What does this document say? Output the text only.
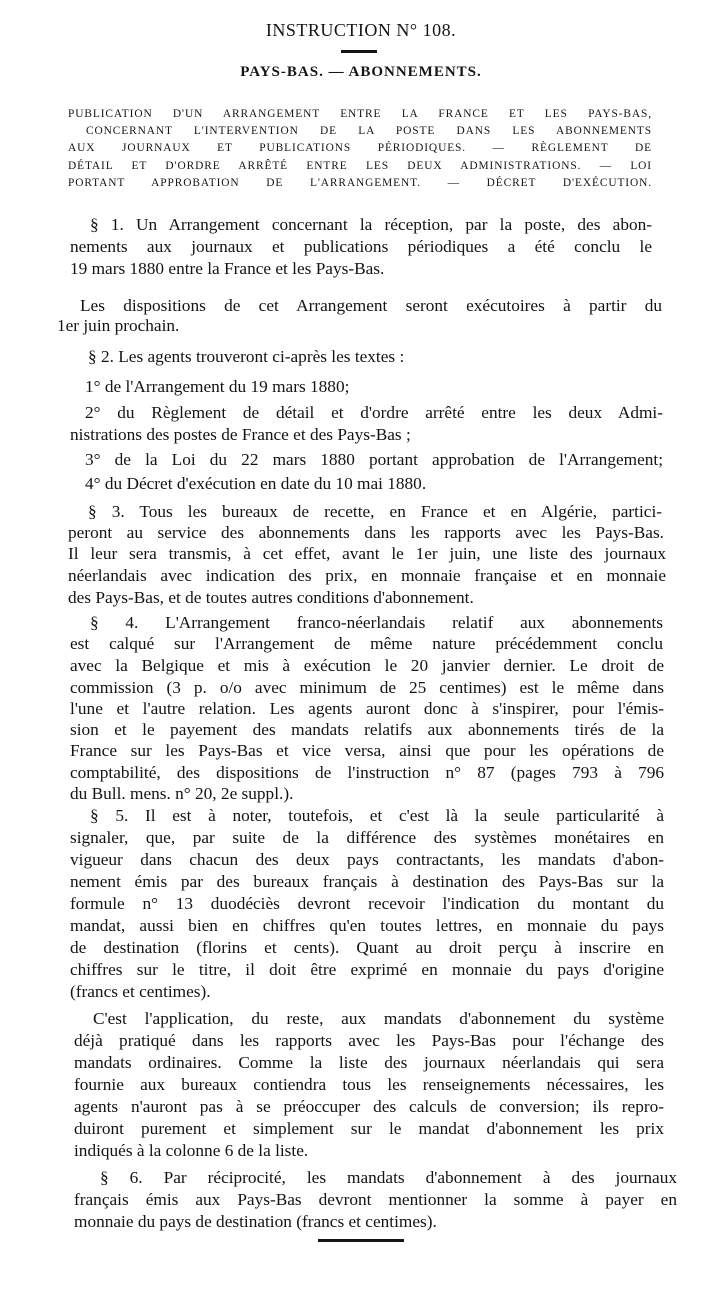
INSTRUCTION N° 108.
PAYS-BAS. — ABONNEMENTS.
PUBLICATION D'UN ARRANGEMENT ENTRE LA FRANCE ET LES PAYS-BAS,
CONCERNANT L'INTERVENTION DE LA POSTE DANS LES ABONNEMENTS
AUX JOURNAUX ET PUBLICATIONS PÉRIODIQUES. — RÈGLEMENT DE
DÉTAIL ET D'ORDRE ARRÊTÉ ENTRE LES DEUX ADMINISTRATIONS. — LOI
PORTANT APPROBATION DE L'ARRANGEMENT. — DÉCRET D'EXÉCUTION.
§ 1. Un Arrangement concernant la réception, par la poste, des abon-
nements aux journaux et publications périodiques a été conclu le
19 mars 1880 entre la France et les Pays-Bas.
Les dispositions de cet Arrangement seront exécutoires à partir du
1er juin prochain.
§ 2. Les agents trouveront ci-après les textes :
1° de l'Arrangement du 19 mars 1880;
2° du Règlement de détail et d'ordre arrêté entre les deux Admi-
nistrations des postes de France et des Pays-Bas ;
3° de la Loi du 22 mars 1880 portant approbation de l'Arrangement;
4° du Décret d'exécution en date du 10 mai 1880.
§ 3. Tous les bureaux de recette, en France et en Algérie, partici-
peront au service des abonnements dans les rapports avec les Pays-Bas.
Il leur sera transmis, à cet effet, avant le 1er juin, une liste des journaux
néerlandais avec indication des prix, en monnaie française et en monnaie
des Pays-Bas, et de toutes autres conditions d'abonnement.
§ 4. L'Arrangement franco-néerlandais relatif aux abonnements
est calqué sur l'Arrangement de même nature précédemment conclu
avec la Belgique et mis à exécution le 20 janvier dernier. Le droit de
commission (3 p. o/o avec minimum de 25 centimes) est le même dans
l'une et l'autre relation. Les agents auront donc à s'inspirer, pour l'émis-
sion et le payement des mandats relatifs aux abonnements tirés de la
France sur les Pays-Bas et vice versa, ainsi que pour les opérations de
comptabilité, des dispositions de l'instruction n° 87 (pages 793 à 796
du Bull. mens. n° 20, 2e suppl.).
§ 5. Il est à noter, toutefois, et c'est là la seule particularité à
signaler, que, par suite de la différence des systèmes monétaires en
vigueur dans chacun des deux pays contractants, les mandats d'abon-
nement émis par des bureaux français à destination des Pays-Bas sur la
formule n° 13 duodéciès devront recevoir l'indication du montant du
mandat, aussi bien en chiffres qu'en toutes lettres, en monnaie du pays
de destination (florins et cents). Quant au droit perçu à inscrire en
chiffres sur le titre, il doit être exprimé en monnaie du pays d'origine
(francs et centimes).
C'est l'application, du reste, aux mandats d'abonnement du système
déjà pratiqué dans les rapports avec les Pays-Bas pour l'échange des
mandats ordinaires. Comme la liste des journaux néerlandais qui sera
fournie aux bureaux contiendra tous les renseignements nécessaires, les
agents n'auront pas à se préoccuper des calculs de conversion; ils repro-
duiront purement et simplement sur le mandat d'abonnement les prix
indiqués à la colonne 6 de la liste.
§ 6. Par réciprocité, les mandats d'abonnement à des journaux
français émis aux Pays-Bas devront mentionner la somme à payer en
monnaie du pays de destination (francs et centimes).
